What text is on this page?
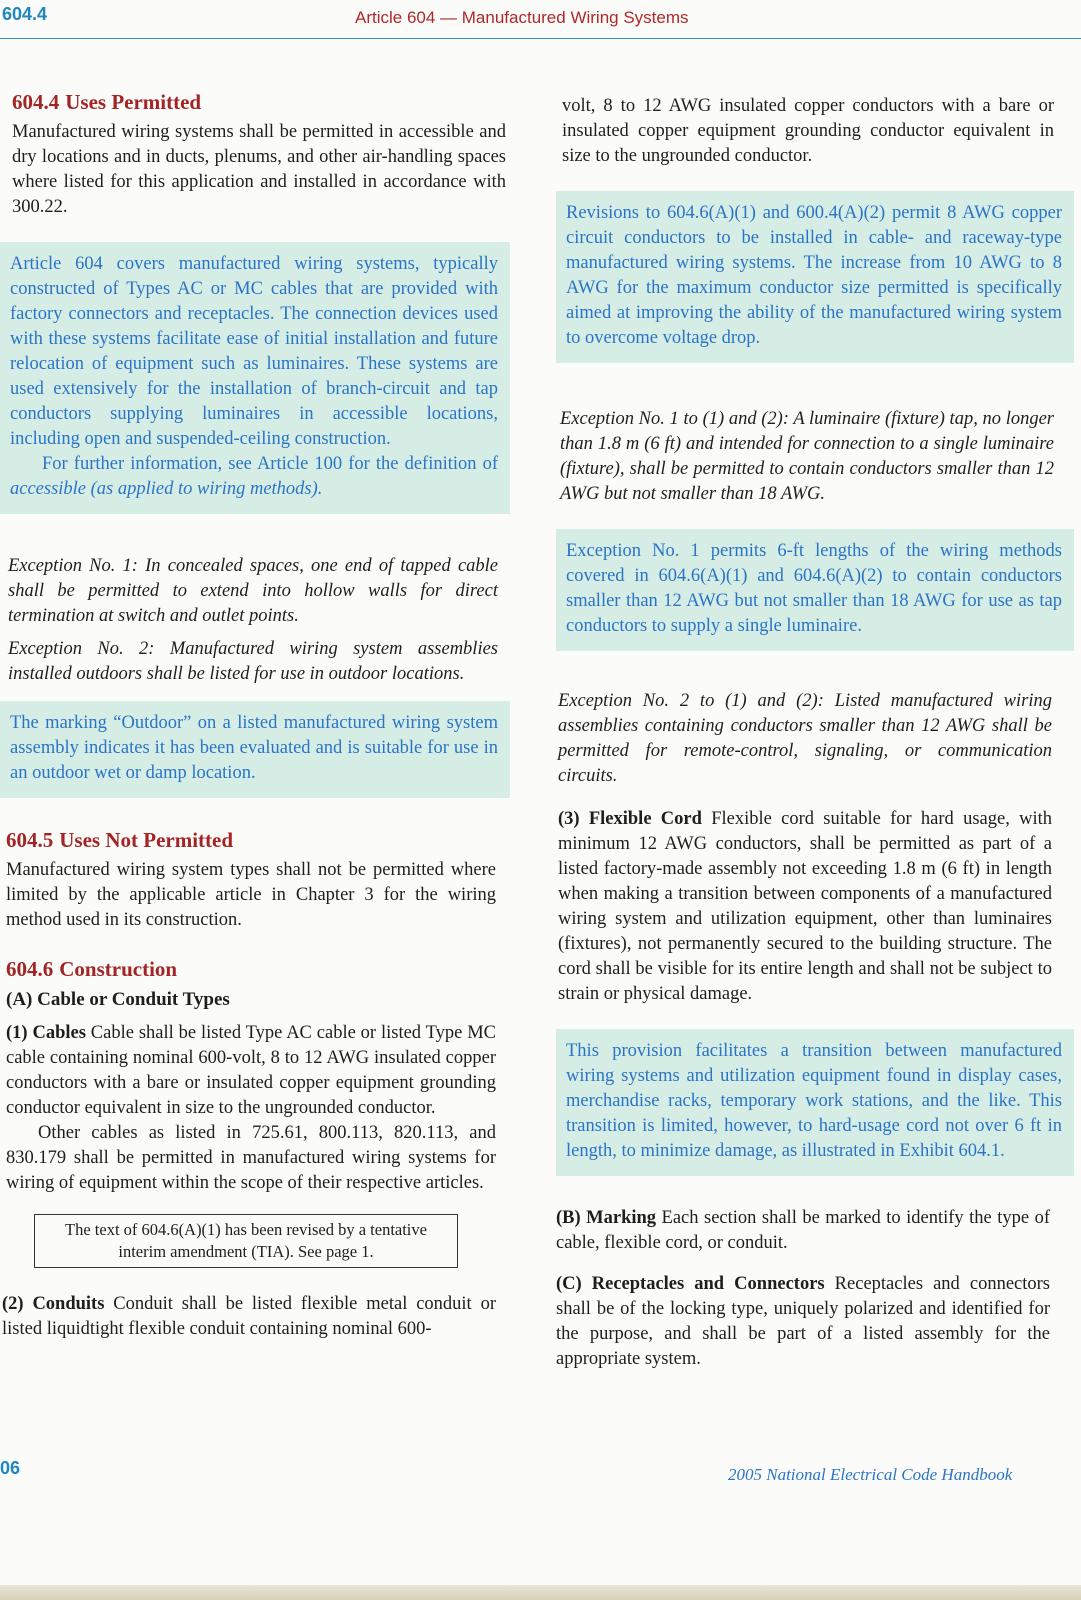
604.4	Article 604 — Manufactured Wiring Systems
604.4 Uses Permitted

Manufactured wiring systems shall be permitted in accessible and dry locations and in ducts, plenums, and other air-handling spaces where listed for this application and installed in accordance with 300.22.

Article 604 covers manufactured wiring systems, typically constructed of Types AC or MC cables that are provided with factory connectors and receptacles. The connection devices used with these systems facilitate ease of initial installation and future relocation of equipment such as luminaires. These systems are used extensively for the installation of branch-circuit and tap conductors supplying luminaires in accessible locations, including open and suspended-ceiling construction.

For further information, see Article 100 for the definition of accessible (as applied to wiring methods).

Exception No. 1: In concealed spaces, one end of tapped cable shall be permitted to extend into hollow walls for direct termination at switch and outlet points.

Exception No. 2: Manufactured wiring system assemblies installed outdoors shall be listed for use in outdoor locations.

The marking “Outdoor” on a listed manufactured wiring system assembly indicates it has been evaluated and is suitable for use in an outdoor wet or damp location.

604.5 Uses Not Permitted

Manufactured wiring system types shall not be permitted where limited by the applicable article in Chapter 3 for the wiring method used in its construction.

604.6 Construction

(A) Cable or Conduit Types

(1) Cables Cable shall be listed Type AC cable or listed Type MC cable containing nominal 600-volt, 8 to 12 AWG insulated copper conductors with a bare or insulated copper equipment grounding conductor equivalent in size to the ungrounded conductor.

Other cables as listed in 725.61, 800.113, 820.113, and 830.179 shall be permitted in manufactured wiring systems for wiring of equipment within the scope of their respective articles.

The text of 604.6(A)(1) has been revised by a tentative interim amendment (TIA). See page 1.

(2) Conduits Conduit shall be listed flexible metal conduit or listed liquidtight flexible conduit containing nominal 600-

volt, 8 to 12 AWG insulated copper conductors with a bare or insulated copper equipment grounding conductor equivalent in size to the ungrounded conductor.

Revisions to 604.6(A)(1) and 600.4(A)(2) permit 8 AWG copper circuit conductors to be installed in cable- and raceway-type manufactured wiring systems. The increase from 10 AWG to 8 AWG for the maximum conductor size permitted is specifically aimed at improving the ability of the manufactured wiring system to overcome voltage drop.

Exception No. 1 to (1) and (2): A luminaire (fixture) tap, no longer than 1.8 m (6 ft) and intended for connection to a single luminaire (fixture), shall be permitted to contain conductors smaller than 12 AWG but not smaller than 18 AWG.

Exception No. 1 permits 6-ft lengths of the wiring methods covered in 604.6(A)(1) and 604.6(A)(2) to contain conductors smaller than 12 AWG but not smaller than 18 AWG for use as tap conductors to supply a single luminaire.

Exception No. 2 to (1) and (2): Listed manufactured wiring assemblies containing conductors smaller than 12 AWG shall be permitted for remote-control, signaling, or communication circuits.

(3) Flexible Cord Flexible cord suitable for hard usage, with minimum 12 AWG conductors, shall be permitted as part of a listed factory-made assembly not exceeding 1.8 m (6 ft) in length when making a transition between components of a manufactured wiring system and utilization equipment, other than luminaires (fixtures), not permanently secured to the building structure. The cord shall be visible for its entire length and shall not be subject to strain or physical damage.

This provision facilitates a transition between manufactured wiring systems and utilization equipment found in display cases, merchandise racks, temporary work stations, and the like. This transition is limited, however, to hard-usage cord not over 6 ft in length, to minimize damage, as illustrated in Exhibit 604.1.

(B) Marking Each section shall be marked to identify the type of cable, flexible cord, or conduit.

(C) Receptacles and Connectors Receptacles and connectors shall be of the locking type, uniquely polarized and identified for the purpose, and shall be part of a listed assembly for the appropriate system.

06	2005 National Electrical Code Handbook
